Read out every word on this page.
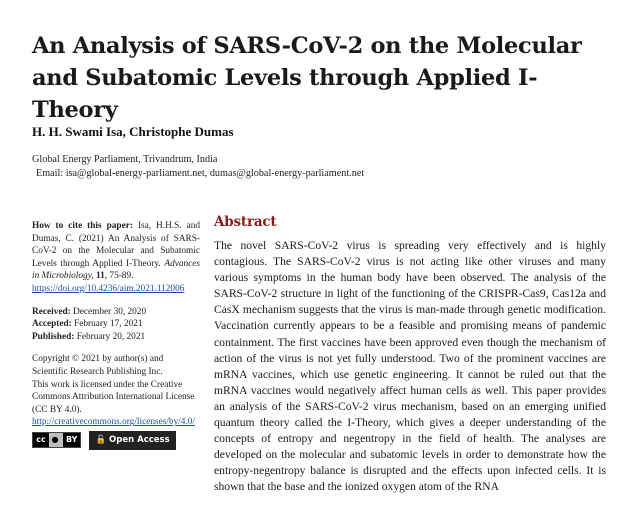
An Analysis of SARS-CoV-2 on the Molecular and Subatomic Levels through Applied I-Theory
H. H. Swami Isa, Christophe Dumas
Global Energy Parliament, Trivandrum, India
Email: isa@global-energy-parliament.net, dumas@global-energy-parliament.net

How to cite this paper: Isa, H.H.S. and Dumas, C. (2021) An Analysis of SARS-CoV-2 on the Molecular and Subatomic Levels through Applied I-Theory. Advances in Microbiology, 11, 75-89.
https://doi.org/10.4236/aim.2021.112006

Received: December 30, 2020
Accepted: February 17, 2021
Published: February 20, 2021

Copyright © 2021 by author(s) and Scientific Research Publishing Inc.
This work is licensed under the Creative Commons Attribution International License (CC BY 4.0).
http://creativecommons.org/licenses/by/4.0/

cc ● BY	🔓 Open Access
Abstract

The novel SARS-CoV-2 virus is spreading very effectively and is highly contagious. The SARS-CoV-2 virus is not acting like other viruses and many various symptoms in the human body have been observed. The analysis of the SARS-CoV-2 structure in light of the functioning of the CRISPR-Cas9, Cas12a and CasX mechanism suggests that the virus is man-made through genetic modification. Vaccination currently appears to be a feasible and promising means of pandemic containment. The first vaccines have been approved even though the mechanism of action of the virus is not yet fully understood. Two of the prominent vaccines are mRNA vaccines, which use genetic engineering. It cannot be ruled out that the mRNA vaccines would negatively affect human cells as well. This paper provides an analysis of the SARS-CoV-2 virus mechanism, based on an emerging unified quantum theory called the I-Theory, which gives a deeper understanding of the concepts of entropy and negentropy in the field of health. The analyses are developed on the molecular and subatomic levels in order to demonstrate how the entropy-negentropy balance is disrupted and the effects upon infected cells. It is shown that the base and the ionized oxygen atom of the RNA
